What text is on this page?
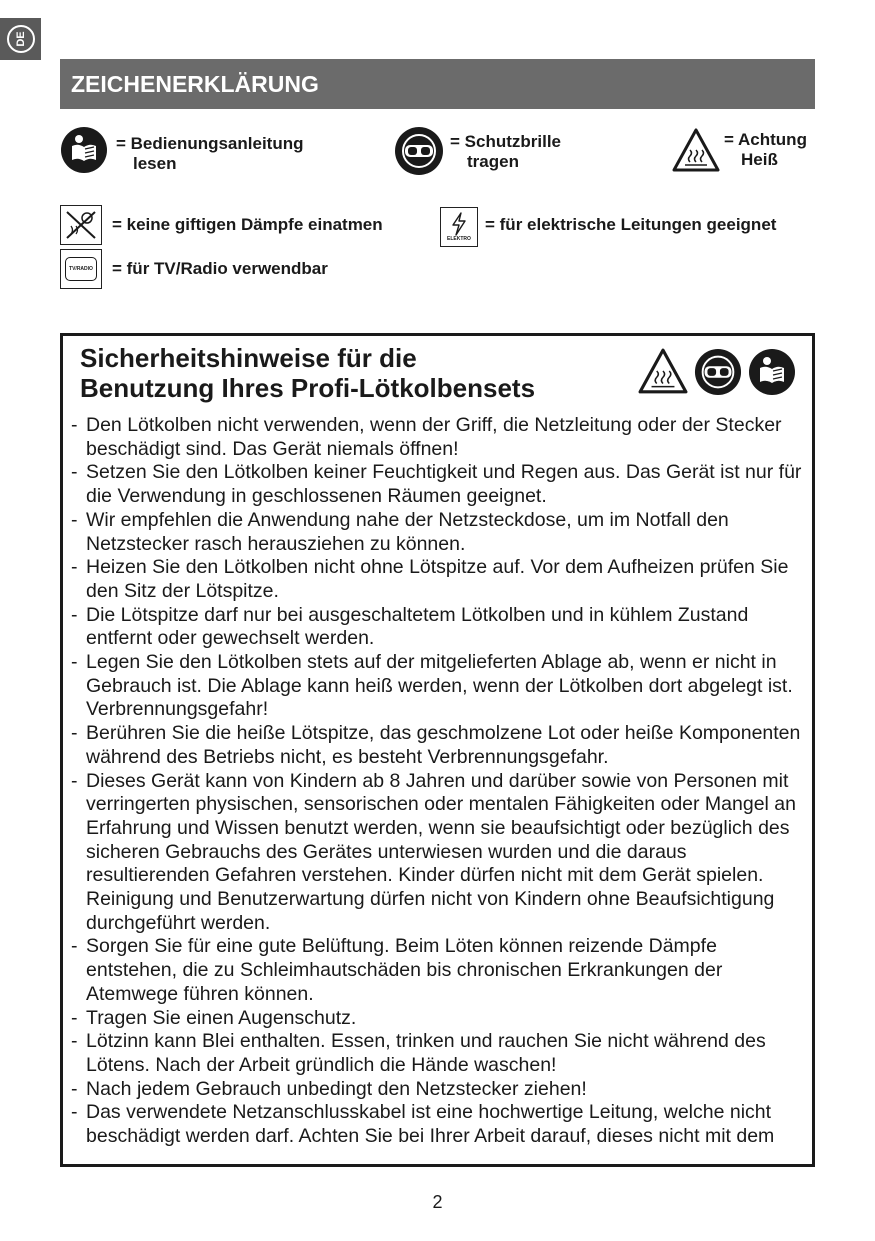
DE
ZEICHENERKLÄRUNG
= Bedienungsanleitung
lesen
= Schutzbrille
tragen
= Achtung
Heiß
= keine giftigen Dämpfe einatmen
ELEKTRO
= für elektrische Leitungen geeignet
TV/RADIO = für TV/Radio verwendbar
Sicherheitshinweise für die
Benutzung Ihres Profi-Lötkolbensets
- Den Lötkolben nicht verwenden, wenn der Griff, die Netzleitung oder der Stecker beschädigt sind. Das Gerät niemals öffnen!
- Setzen Sie den Lötkolben keiner Feuchtigkeit und Regen aus. Das Gerät ist nur für die Verwendung in geschlossenen Räumen geeignet.
- Wir empfehlen die Anwendung nahe der Netzsteckdose, um im Notfall den Netzstecker rasch herausziehen zu können.
- Heizen Sie den Lötkolben nicht ohne Lötspitze auf. Vor dem Aufheizen prüfen Sie den Sitz der Lötspitze.
- Die Lötspitze darf nur bei ausgeschaltetem Lötkolben und in kühlem Zustand entfernt oder gewechselt werden.
- Legen Sie den Lötkolben stets auf der mitgelieferten Ablage ab, wenn er nicht in Gebrauch ist. Die Ablage kann heiß werden, wenn der Lötkolben dort abgelegt ist. Verbrennungsgefahr!
- Berühren Sie die heiße Lötspitze, das geschmolzene Lot oder heiße Komponenten während des Betriebs nicht, es besteht Verbrennungsgefahr.
- Dieses Gerät kann von Kindern ab 8 Jahren und darüber sowie von Personen mit verringerten physischen, sensorischen oder mentalen Fähigkeiten oder Mangel an Erfahrung und Wissen benutzt werden, wenn sie beaufsichtigt oder bezüglich des sicheren Gebrauchs des Gerätes unterwiesen wurden und die daraus resultierenden Gefahren verstehen. Kinder dürfen nicht mit dem Gerät spielen. Reinigung und Benutzerwartung dürfen nicht von Kindern ohne Beaufsichtigung durchgeführt werden.
- Sorgen Sie für eine gute Belüftung. Beim Löten können reizende Dämpfe entstehen, die zu Schleimhautschäden bis chronischen Erkrankungen der Atemwege führen können.
- Tragen Sie einen Augenschutz.
- Lötzinn kann Blei enthalten. Essen, trinken und rauchen Sie nicht während des Lötens. Nach der Arbeit gründlich die Hände waschen!
- Nach jedem Gebrauch unbedingt den Netzstecker ziehen!
- Das verwendete Netzanschlusskabel ist eine hochwertige Leitung, welche nicht beschädigt werden darf. Achten Sie bei Ihrer Arbeit darauf, dieses nicht mit dem
2
